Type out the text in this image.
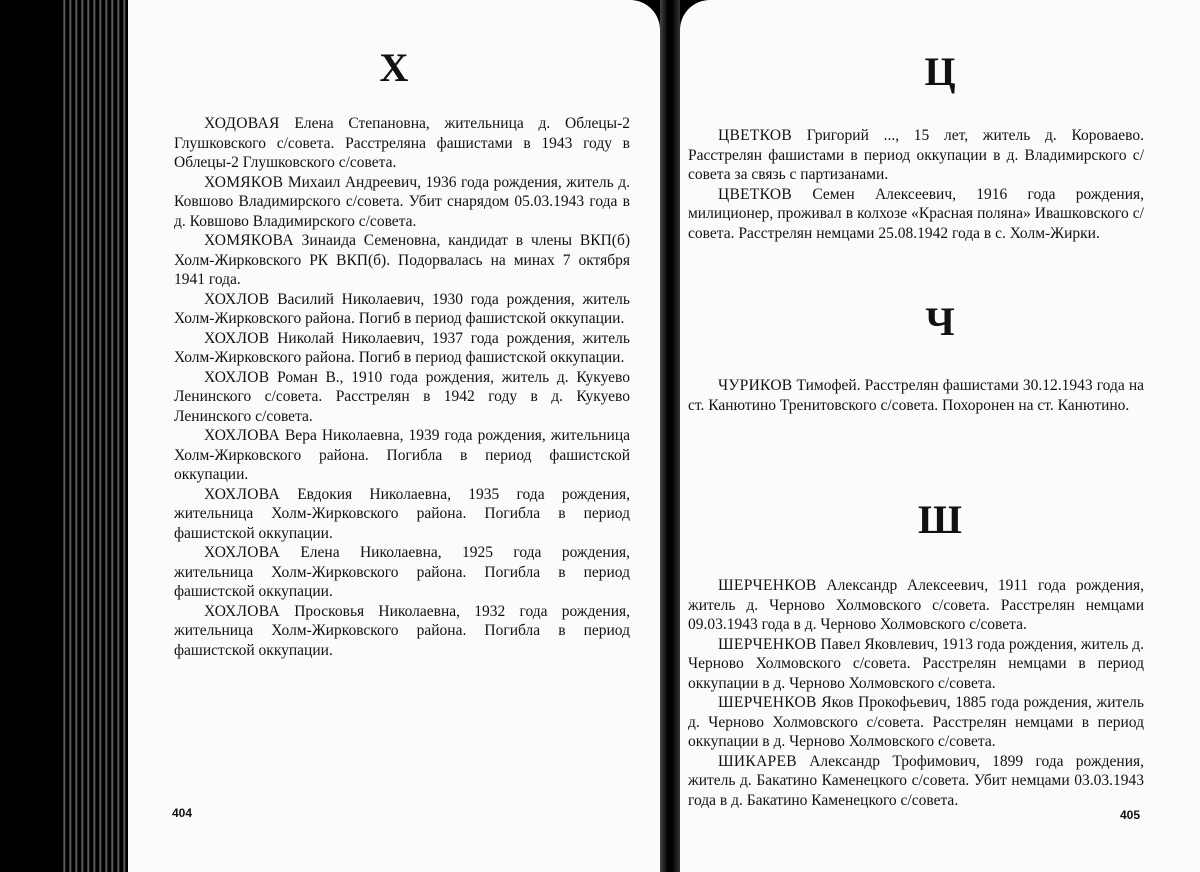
Х

ХОДОВАЯ Елена Степановна, жительница д. Облецы-2 Глушковского с/совета. Расстреляна фашистами в 1943 году в Облецы-2 Глушковского с/совета.

ХОМЯКОВ Михаил Андреевич, 1936 года рождения, житель д. Ковшово Владимирского с/совета. Убит снарядом 05.03.1943 года в д. Ковшово Владимирского с/совета.

ХОМЯКОВА Зинаида Семеновна, кандидат в члены ВКП(б) Холм-Жирковского РК ВКП(б). Подорвалась на минах 7 октября 1941 года.

ХОХЛОВ Василий Николаевич, 1930 года рождения, житель Холм-Жирковского района. Погиб в период фашистской оккупации.

ХОХЛОВ Николай Николаевич, 1937 года рождения, житель Холм-Жирковского района. Погиб в период фашистской оккупации.

ХОХЛОВ Роман В., 1910 года рождения, житель д. Кукуево Ленинского с/совета. Расстрелян в 1942 году в д. Кукуево Ленинского с/совета.

ХОХЛОВА Вера Николаевна, 1939 года рождения, жительница Холм-Жирковского района. Погибла в период фашистской оккупации.

ХОХЛОВА Евдокия Николаевна, 1935 года рождения, жительница Холм-Жирковского района. Погибла в период фашистской оккупации.

ХОХЛОВА Елена Николаевна, 1925 года рождения, жительница Холм-Жирковского района. Погибла в период фашистской оккупации.

ХОХЛОВА Просковья Николаевна, 1932 года рождения, жительница Холм-Жирковского района. Погибла в период фашистской оккупации.

404
Ц

ЦВЕТКОВ Григорий ..., 15 лет, житель д. Короваево. Расстрелян фашистами в период оккупации в д. Владимирского с/совета за связь с партизанами.

ЦВЕТКОВ Семен Алексеевич, 1916 года рождения, милиционер, проживал в колхозе «Красная поляна» Ивашковского с/совета. Расстрелян немцами 25.08.1942 года в с. Холм-Жирки.

Ч

ЧУРИКОВ Тимофей. Расстрелян фашистами 30.12.1943 года на ст. Канютино Тренитовского с/совета. Похоронен на ст. Канютино.

Ш

ШЕРЧЕНКОВ Александр Алексеевич, 1911 года рождения, житель д. Черново Холмовского с/совета. Расстрелян немцами 09.03.1943 года в д. Черново Холмовского с/совета.

ШЕРЧЕНКОВ Павел Яковлевич, 1913 года рождения, житель д. Черново Холмовского с/совета. Расстрелян немцами в период оккупации в д. Черново Холмовского с/совета.

ШЕРЧЕНКОВ Яков Прокофьевич, 1885 года рождения, житель д. Черново Холмовского с/совета. Расстрелян немцами в период оккупации в д. Черново Холмовского с/совета.

ШИКАРЕВ Александр Трофимович, 1899 года рождения, житель д. Бакатино Каменецкого с/совета. Убит немцами 03.03.1943 года в д. Бакатино Каменецкого с/совета.

405
